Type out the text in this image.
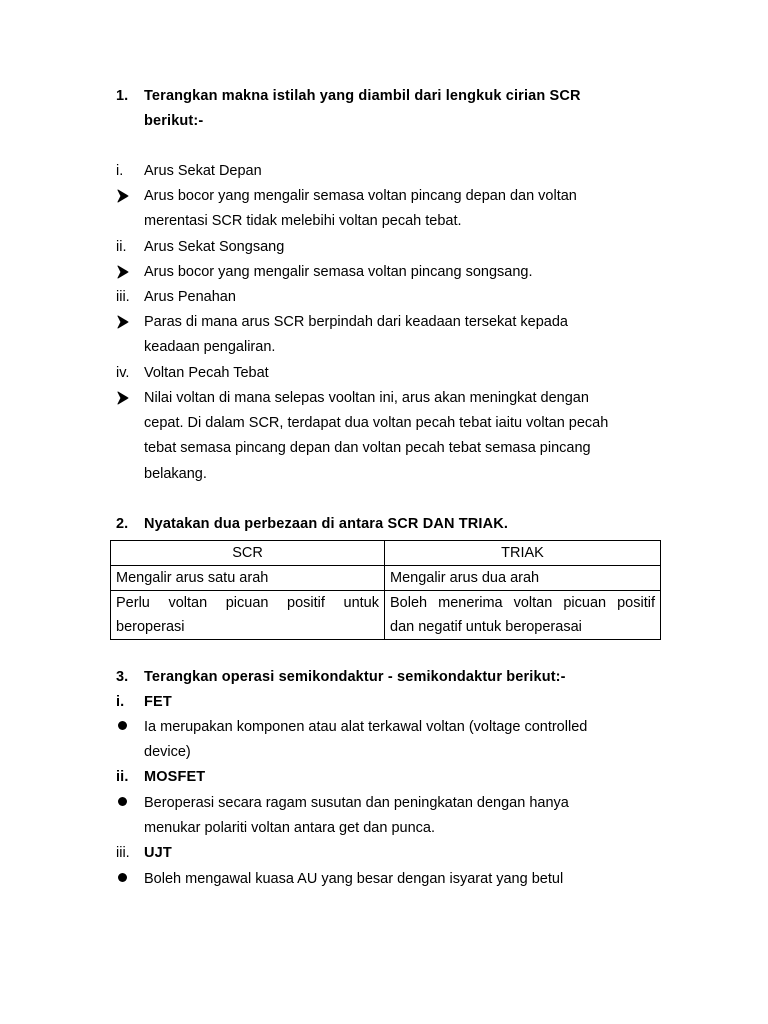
1. Terangkan makna istilah yang diambil dari lengkuk cirian SCR
berikut:-
i. Arus Sekat Depan
Arus bocor yang mengalir semasa voltan pincang depan dan voltan
merentasi SCR tidak melebihi voltan pecah tebat.
ii. Arus Sekat Songsang
Arus bocor yang mengalir semasa voltan pincang songsang.
iii. Arus Penahan
Paras di mana arus SCR berpindah dari keadaan tersekat kepada
keadaan pengaliran.
iv. Voltan Pecah Tebat
Nilai voltan di mana selepas vooltan ini, arus akan meningkat dengan
cepat. Di dalam SCR, terdapat dua voltan pecah tebat iaitu voltan pecah
tebat semasa pincang depan dan voltan pecah tebat semasa pincang
belakang.
2. Nyatakan dua perbezaan di antara SCR DAN TRIAK.
SCR	TRIAK

Mengalir arus satu arah	Mengalir arus dua arah

Perlu voltan picuan positif untuk
beroperasi	Boleh menerima voltan picuan positif
dan negatif untuk beroperasai
3. Terangkan operasi semikondaktur - semikondaktur berikut:-
i. FET
Ia merupakan komponen atau alat terkawal voltan (voltage controlled
device)
ii. MOSFET
Beroperasi secara ragam susutan dan peningkatan dengan hanya
menukar polariti voltan antara get dan punca.
iii. UJT
Boleh mengawal kuasa AU yang besar dengan isyarat yang betul
